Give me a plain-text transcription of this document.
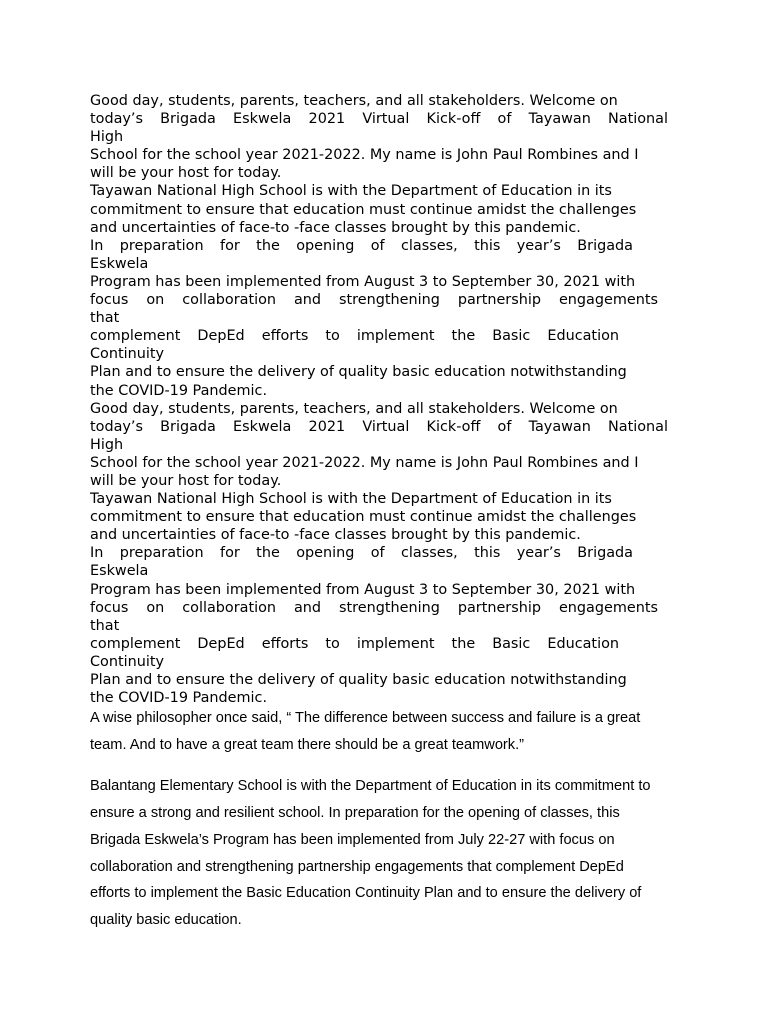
Good day, students, parents, teachers, and all stakeholders. Welcome on
today’s Brigada Eskwela 2021 Virtual Kick-off of Tayawan National
High
School for the school year 2021-2022. My name is John Paul Rombines and I
will be your host for today.
Tayawan National High School is with the Department of Education in its
commitment to ensure that education must continue amidst the challenges
and uncertainties of face-to -face classes brought by this pandemic.
In preparation for the opening of classes, this year’s Brigada
Eskwela
Program has been implemented from August 3 to September 30, 2021 with
focus on collaboration and strengthening partnership engagements
that
complement DepEd efforts to implement the Basic Education
Continuity
Plan and to ensure the delivery of quality basic education notwithstanding
the COVID-19 Pandemic.
Good day, students, parents, teachers, and all stakeholders. Welcome on
today’s Brigada Eskwela 2021 Virtual Kick-off of Tayawan National
High
School for the school year 2021-2022. My name is John Paul Rombines and I
will be your host for today.
Tayawan National High School is with the Department of Education in its
commitment to ensure that education must continue amidst the challenges
and uncertainties of face-to -face classes brought by this pandemic.
In preparation for the opening of classes, this year’s Brigada
Eskwela
Program has been implemented from August 3 to September 30, 2021 with
focus on collaboration and strengthening partnership engagements
that
complement DepEd efforts to implement the Basic Education
Continuity
Plan and to ensure the delivery of quality basic education notwithstanding
the COVID-19 Pandemic.
A wise philosopher once said, “ The difference between success and failure is a great
team. And to have a great team there should be a great teamwork.”
Balantang Elementary School is with the Department of Education in its commitment to
ensure a strong and resilient school. In preparation for the opening of classes, this
Brigada Eskwela’s Program has been implemented from July 22-27 with focus on
collaboration and strengthening partnership engagements that complement DepEd
efforts to implement the Basic Education Continuity Plan and to ensure the delivery of
quality basic education.
